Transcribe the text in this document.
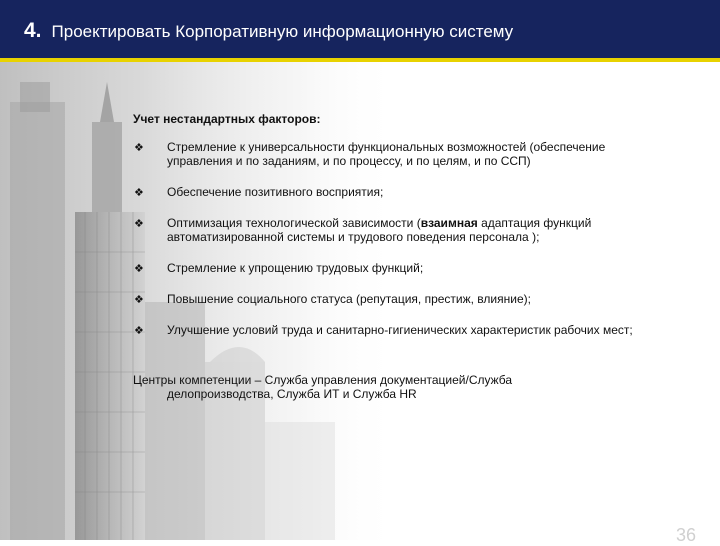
4. Проектировать Корпоративную информационную систему
Учет нестандартных факторов:
❖ Стремление к универсальности функциональных возможностей (обеспечение управления и по заданиям, и по процессу, и по целям, и по ССП)
❖ Обеспечение позитивного восприятия;
❖ Оптимизация технологической зависимости (взаимная адаптация функций автоматизированной системы и трудового поведения персонала );
❖ Стремление к упрощению трудовых функций;
❖ Повышение социального статуса (репутация, престиж, влияние);
❖ Улучшение условий труда и санитарно-гигиенических характеристик рабочих мест;
Центры компетенции – Служба управления документацией/Служба
делопроизводства, Служба ИТ и Служба HR
36
